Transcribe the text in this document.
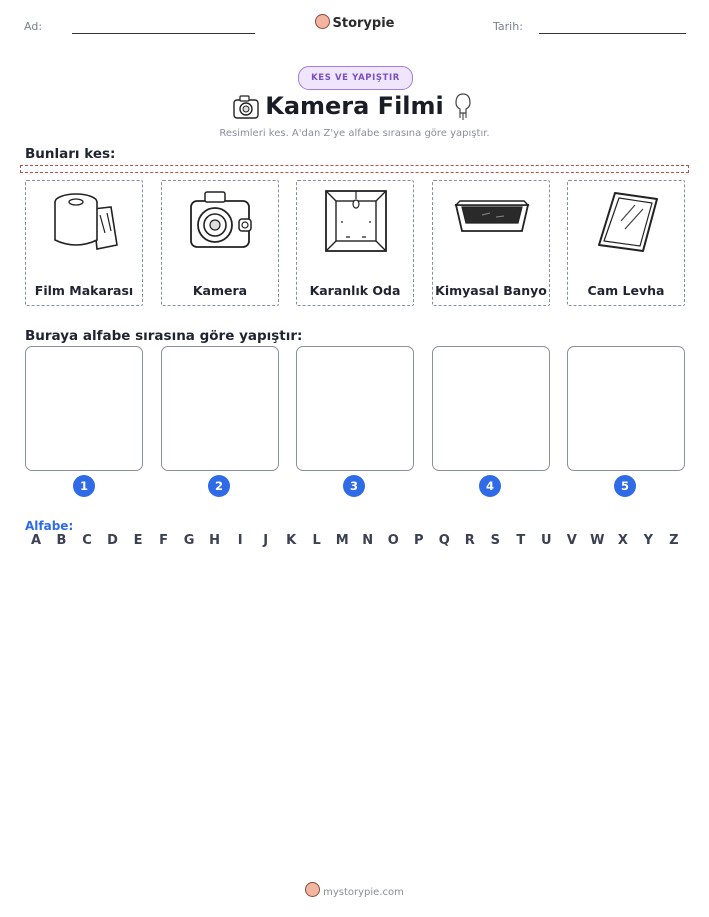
Ad:	Storypie	Tarih:
KES VE YAPIŞTIR
Kamera Filmi
Resimleri kes. A'dan Z'ye alfabe sırasına göre yapıştır.
Bunları kes:
Film Makarası	Kamera	Karanlık Oda	Kimyasal Banyo	Cam Levha
Buraya alfabe sırasına göre yapıştır:
1	2	3	4	5
Alfabe:
A	B	C	D	E	F	G	H	I	J	K	L	M	N	O	P	Q	R	S	T	U	V	W	X	Y	Z
mystorypie.com
